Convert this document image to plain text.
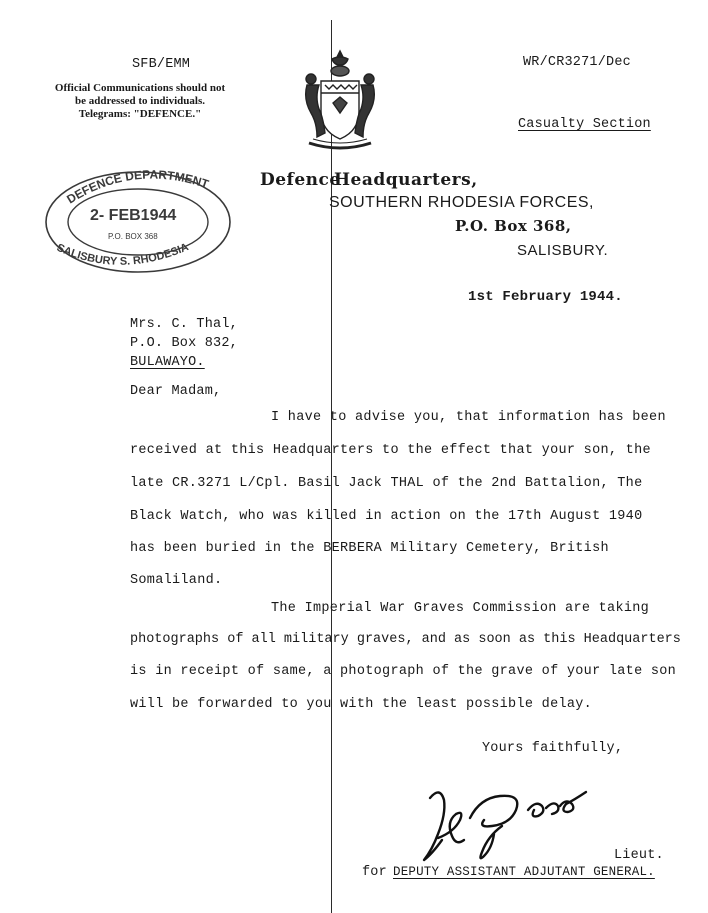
SFB/EMM	WR/CR3271/Dec
Official Communications should not
be addressed to individuals.
Telegrams: "DEFENCE."
Casualty Section
Defence
Headquarters,
SOUTHERN RHODESIA FORCES,
P.O. Box 368,
SALISBURY.
DEFENCE DEPARTMENT
SALISBURY S. RHODESIA
2- FEB1944
P.O. BOX 368
1st February 1944.
Mrs. C. Thal,
P.O. Box 832,
BULAWAYO.
Dear Madam,
I have to advise you, that information has been
received at this Headquarters to the effect that your son, the
late CR.3271 L/Cpl. Basil Jack THAL of the 2nd Battalion, The
Black Watch, who was killed in action on the 17th August 1940
has been buried in the BERBERA Military Cemetery, British
Somaliland.
The Imperial War Graves Commission are taking
photographs of all military graves, and as soon as this Headquarters
is in receipt of same, a photograph of the grave of your late son
will be forwarded to you with the least possible delay.
Yours faithfully,
Lieut.
for DEPUTY ASSISTANT ADJUTANT GENERAL.
